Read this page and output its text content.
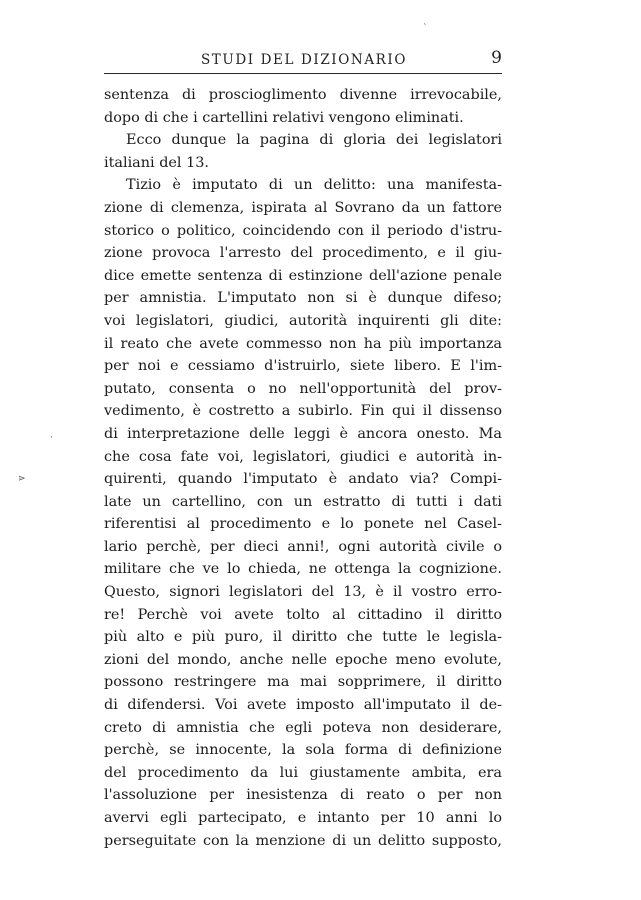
STUDI DEL DIZIONARIO	9
sentenza di proscioglimento divenne irrevocabile,
dopo di che i cartellini relativi vengono eliminati.
Ecco dunque la pagina di gloria dei legislatori
italiani del 13.
Tizio è imputato di un delitto: una manifesta-
zione di clemenza, ispirata al Sovrano da un fattore
storico o politico, coincidendo con il periodo d'istru-
zione provoca l'arresto del procedimento, e il giu-
dice emette sentenza di estinzione dell'azione penale
per amnistia. L'imputato non si è dunque difeso;
voi legislatori, giudici, autorità inquirenti gli dite:
il reato che avete commesso non ha più importanza
per noi e cessiamo d'istruirlo, siete libero. E l'im-
putato, consenta o no nell'opportunità del prov-
vedimento, è costretto a subirlo. Fin qui il dissenso
di interpretazione delle leggi è ancora onesto. Ma
che cosa fate voi, legislatori, giudici e autorità in-
quirenti, quando l'imputato è andato via? Compi-
late un cartellino, con un estratto di tutti i dati
riferentisi al procedimento e lo ponete nel Casel-
lario perchè, per dieci anni!, ogni autorità civile o
militare che ve lo chieda, ne ottenga la cognizione.
Questo, signori legislatori del 13, è il vostro erro-
re! Perchè voi avete tolto al cittadino il diritto
più alto e più puro, il diritto che tutte le legisla-
zioni del mondo, anche nelle epoche meno evolute,
possono restringere ma mai sopprimere, il diritto
di difendersi. Voi avete imposto all'imputato il de-
creto di amnistia che egli poteva non desiderare,
perchè, se innocente, la sola forma di definizione
del procedimento da lui giustamente ambita, era
l'assoluzione per inesistenza di reato o per non
avervi egli partecipato, e intanto per 10 anni lo
perseguitate con la menzione di un delitto supposto,
ˋ
·
⋗
